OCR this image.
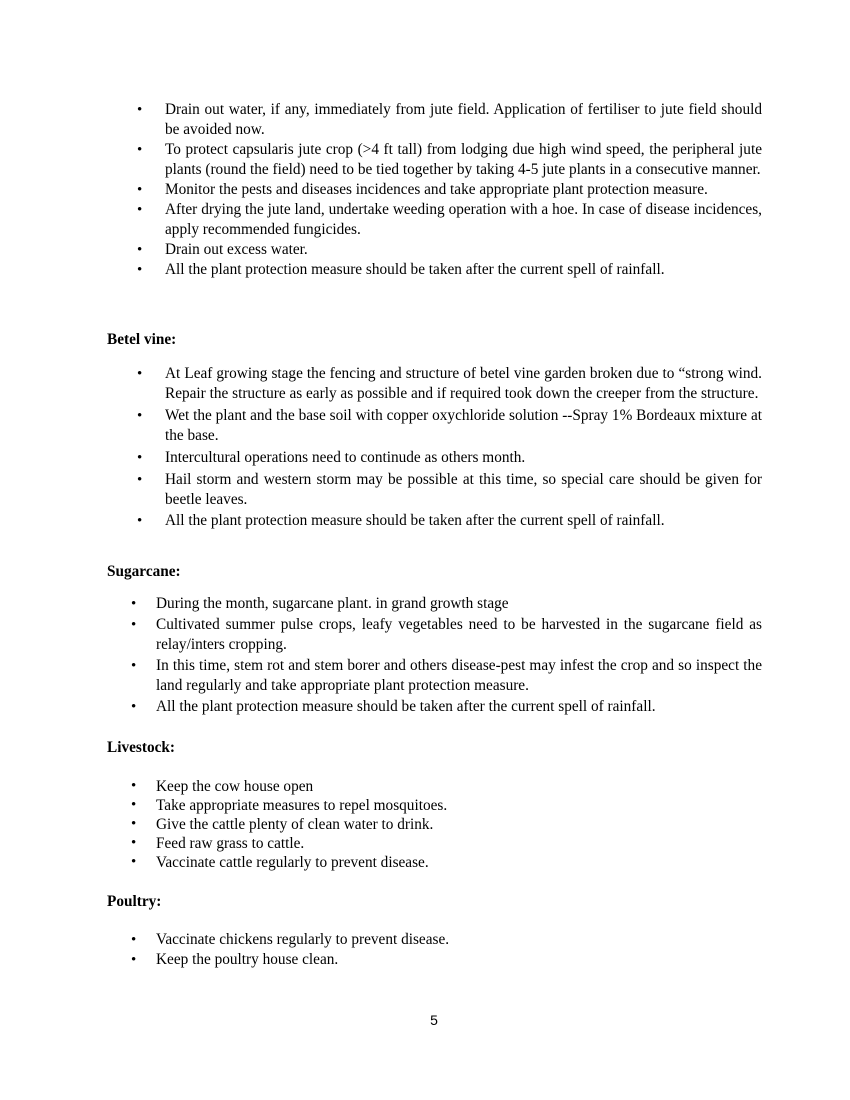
• Drain out water, if any, immediately from jute field. Application of fertiliser to jute field should be avoided now.
• To protect capsularis jute crop (>4 ft tall) from lodging due high wind speed, the peripheral jute plants (round the field) need to be tied together by taking 4-5 jute plants in a consecutive manner.
• Monitor the pests and diseases incidences and take appropriate plant protection measure.
• After drying the jute land, undertake weeding operation with a hoe. In case of disease incidences, apply recommended fungicides.
• Drain out excess water.
• All the plant protection measure should be taken after the current spell of rainfall.
Betel vine:
• At Leaf growing stage the fencing and structure of betel vine garden broken due to “strong wind. Repair the structure as early as possible and if required took down the creeper from the structure.
• Wet the plant and the base soil with copper oxychloride solution --Spray 1% Bordeaux mixture at the base.
• Intercultural operations need to continude as others month.
• Hail storm and western storm may be possible at this time, so special care should be given for beetle leaves.
• All the plant protection measure should be taken after the current spell of rainfall.
Sugarcane:
• During the month, sugarcane plant. in grand growth stage
• Cultivated summer pulse crops, leafy vegetables need to be harvested in the sugarcane field as relay/inters cropping.
• In this time, stem rot and stem borer and others disease-pest may infest the crop and so inspect the land regularly and take appropriate plant protection measure.
• All the plant protection measure should be taken after the current spell of rainfall.
Livestock:
• Keep the cow house open
• Take appropriate measures to repel mosquitoes.
• Give the cattle plenty of clean water to drink.
• Feed raw grass to cattle.
• Vaccinate cattle regularly to prevent disease.
Poultry:
• Vaccinate chickens regularly to prevent disease.
• Keep the poultry house clean.
5
